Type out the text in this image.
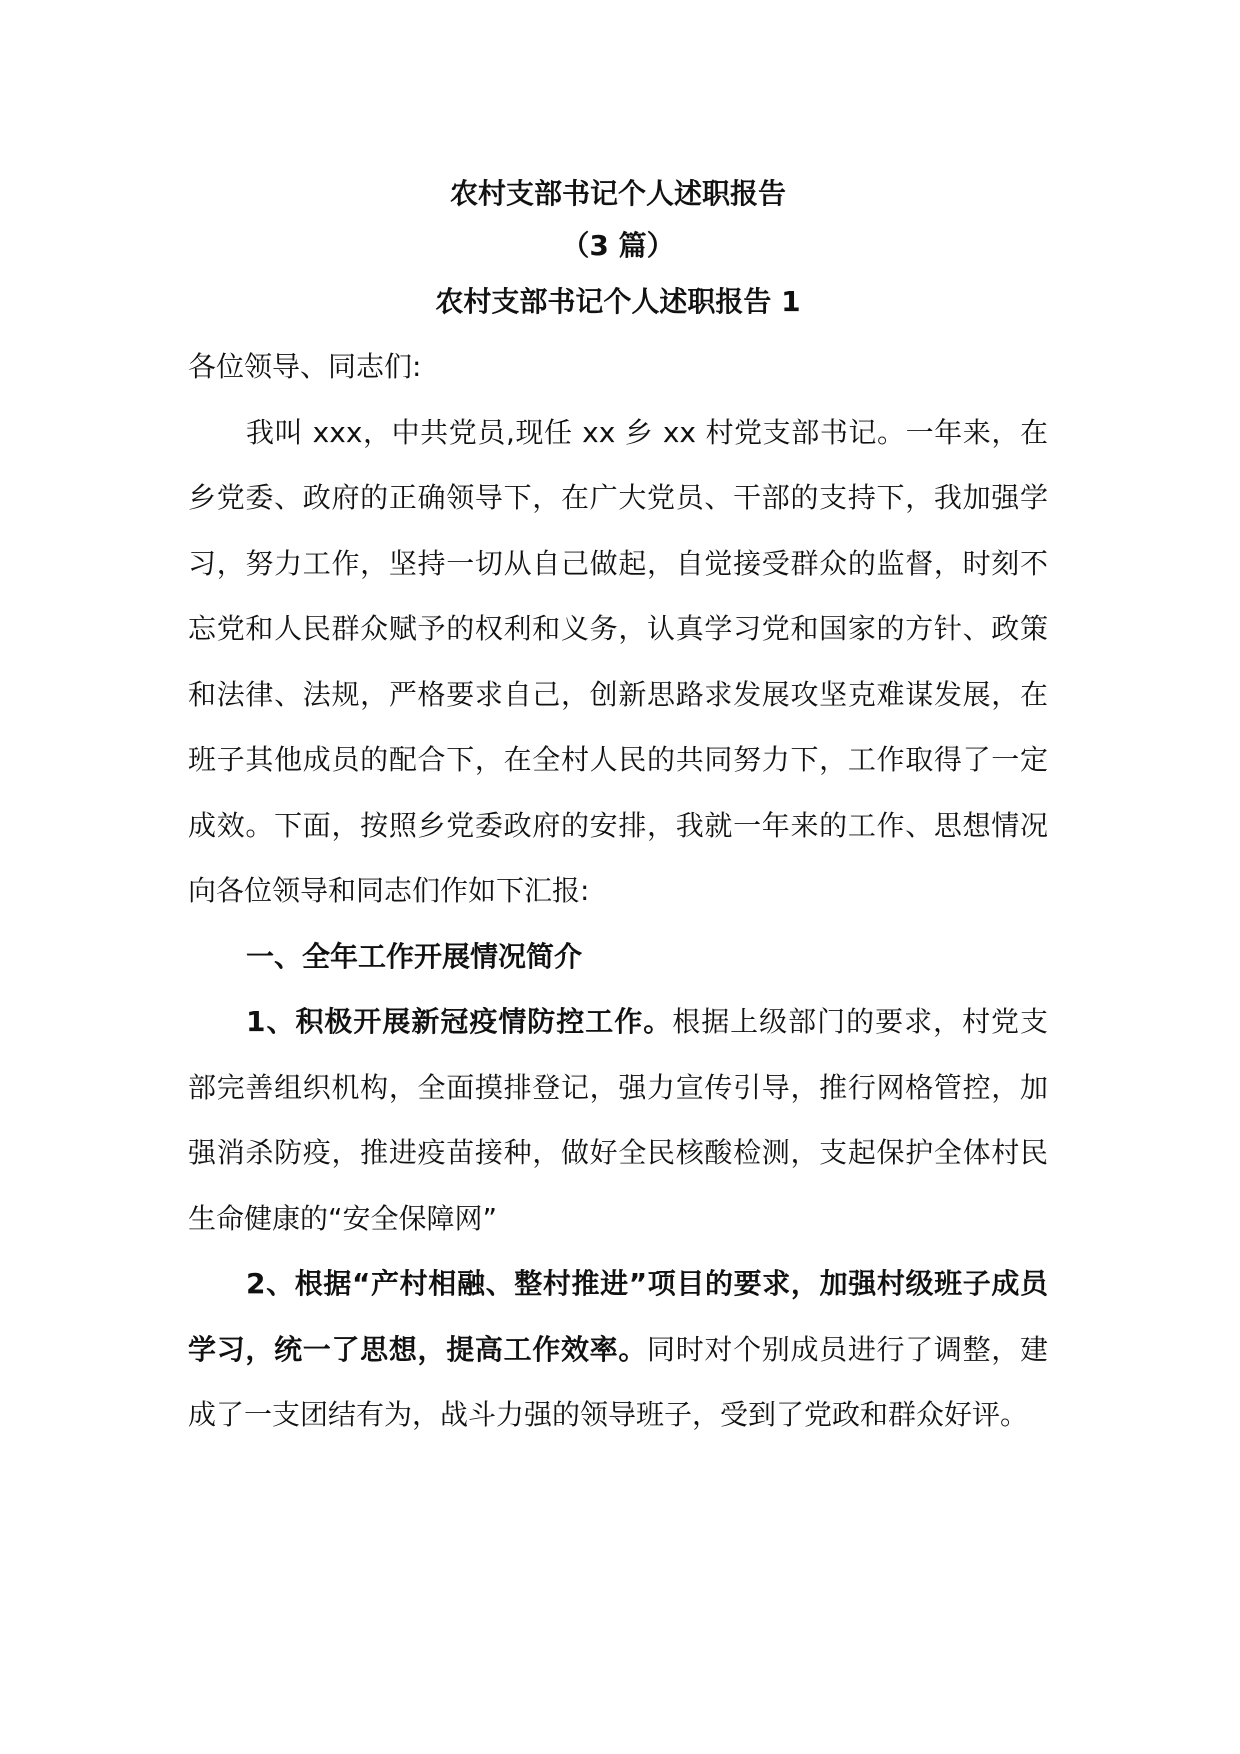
农村支部书记个人述职报告

（3 篇）

农村支部书记个人述职报告 1

各位领导、同志们:

我叫 xxx，中共党员,现任 xx 乡 xx 村党支部书记。一年来，在乡党委、政府的正确领导下，在广大党员、干部的支持下，我加强学习，努力工作，坚持一切从自己做起，自觉接受群众的监督，时刻不忘党和人民群众赋予的权利和义务，认真学习党和国家的方针、政策和法律、法规，严格要求自己，创新思路求发展攻坚克难谋发展，在班子其他成员的配合下，在全村人民的共同努力下，工作取得了一定成效。下面，按照乡党委政府的安排，我就一年来的工作、思想情况向各位领导和同志们作如下汇报:

一、全年工作开展情况简介

1、积极开展新冠疫情防控工作。根据上级部门的要求，村党支部完善组织机构，全面摸排登记，强力宣传引导，推行网格管控，加强消杀防疫，推进疫苗接种，做好全民核酸检测，支起保护全体村民生命健康的“安全保障网”

2、根据“产村相融、整村推进”项目的要求，加强村级班子成员学习，统一了思想，提高工作效率。同时对个别成员进行了调整，建成了一支团结有为，战斗力强的领导班子，受到了党政和群众好评。
